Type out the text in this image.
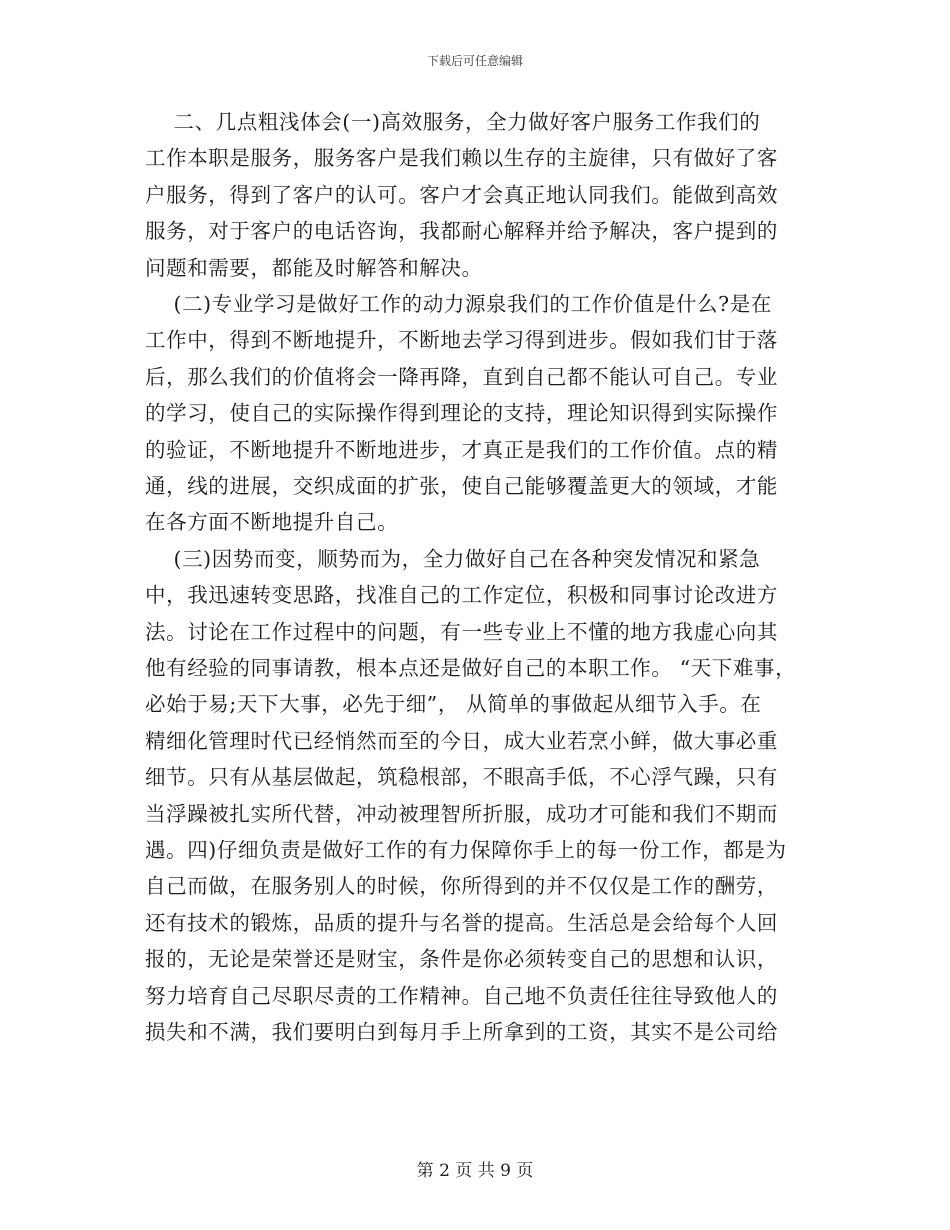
下载后可任意编辑
二、几点粗浅体会(一)高效服务，全力做好客户服务工作我们的
工作本职是服务，服务客户是我们赖以生存的主旋律，只有做好了客
户服务，得到了客户的认可。客户才会真正地认同我们。能做到高效
服务，对于客户的电话咨询，我都耐心解释并给予解决，客户提到的
问题和需要，都能及时解答和解决。
(二)专业学习是做好工作的动力源泉我们的工作价值是什么?是在
工作中，得到不断地提升，不断地去学习得到进步。假如我们甘于落
后，那么我们的价值将会一降再降，直到自己都不能认可自己。专业
的学习，使自己的实际操作得到理论的支持，理论知识得到实际操作
的验证，不断地提升不断地进步，才真正是我们的工作价值。点的精
通，线的进展，交织成面的扩张，使自己能够覆盖更大的领域，才能
在各方面不断地提升自己。
(三)因势而变，顺势而为，全力做好自己在各种突发情况和紧急
中，我迅速转变思路，找准自己的工作定位，积极和同事讨论改进方
法。讨论在工作过程中的问题，有一些专业上不懂的地方我虚心向其
他有经验的同事请教，根本点还是做好自己的本职工作。 “天下难事，
必始于易;天下大事，必先于细”， 从简单的事做起从细节入手。在
精细化管理时代已经悄然而至的今日，成大业若烹小鲜，做大事必重
细节。只有从基层做起，筑稳根部，不眼高手低，不心浮气躁，只有
当浮躁被扎实所代替，冲动被理智所折服，成功才可能和我们不期而
遇。四)仔细负责是做好工作的有力保障你手上的每一份工作，都是为
自己而做，在服务别人的时候，你所得到的并不仅仅是工作的酬劳，
还有技术的锻炼，品质的提升与名誉的提高。生活总是会给每个人回
报的，无论是荣誉还是财宝，条件是你必须转变自己的思想和认识，
努力培育自己尽职尽责的工作精神。自己地不负责任往往导致他人的
损失和不满，我们要明白到每月手上所拿到的工资，其实不是公司给
第 2 页 共 9 页
